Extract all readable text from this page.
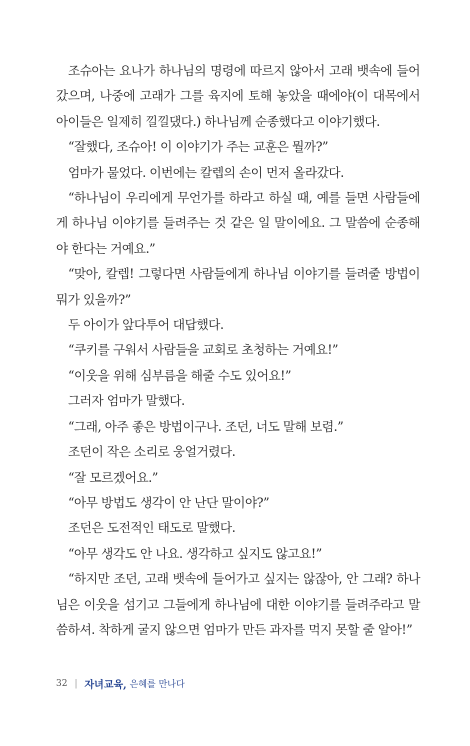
조슈아는 요나가 하나님의 명령에 따르지 않아서 고래 뱃속에 들어갔으며, 나중에 고래가 그를 육지에 토해 놓았을 때에야(이 대목에서 아이들은 일제히 낄낄댔다.) 하나님께 순종했다고 이야기했다.

“잘했다, 조슈아! 이 이야기가 주는 교훈은 뭘까?”

엄마가 물었다. 이번에는 칼렙의 손이 먼저 올라갔다.

“하나님이 우리에게 무언가를 하라고 하실 때, 예를 들면 사람들에게 하나님 이야기를 들려주는 것 같은 일 말이에요. 그 말씀에 순종해야 한다는 거예요.”

“맞아, 칼렙! 그렇다면 사람들에게 하나님 이야기를 들려줄 방법이 뭐가 있을까?”

두 아이가 앞다투어 대답했다.

“쿠키를 구워서 사람들을 교회로 초청하는 거예요!”

“이웃을 위해 심부름을 해줄 수도 있어요!”

그러자 엄마가 말했다.

“그래, 아주 좋은 방법이구나. 조던, 너도 말해 보렴.”

조던이 작은 소리로 웅얼거렸다.

“잘 모르겠어요.”

“아무 방법도 생각이 안 난단 말이야?”

조던은 도전적인 태도로 말했다.

“아무 생각도 안 나요. 생각하고 싶지도 않고요!”

“하지만 조던, 고래 뱃속에 들어가고 싶지는 않잖아, 안 그래? 하나님은 이웃을 섬기고 그들에게 하나님에 대한 이야기를 들려주라고 말씀하셔. 착하게 굴지 않으면 엄마가 만든 과자를 먹지 못할 줄 알아!”

32 | 자녀교육, 은혜를 만나다
